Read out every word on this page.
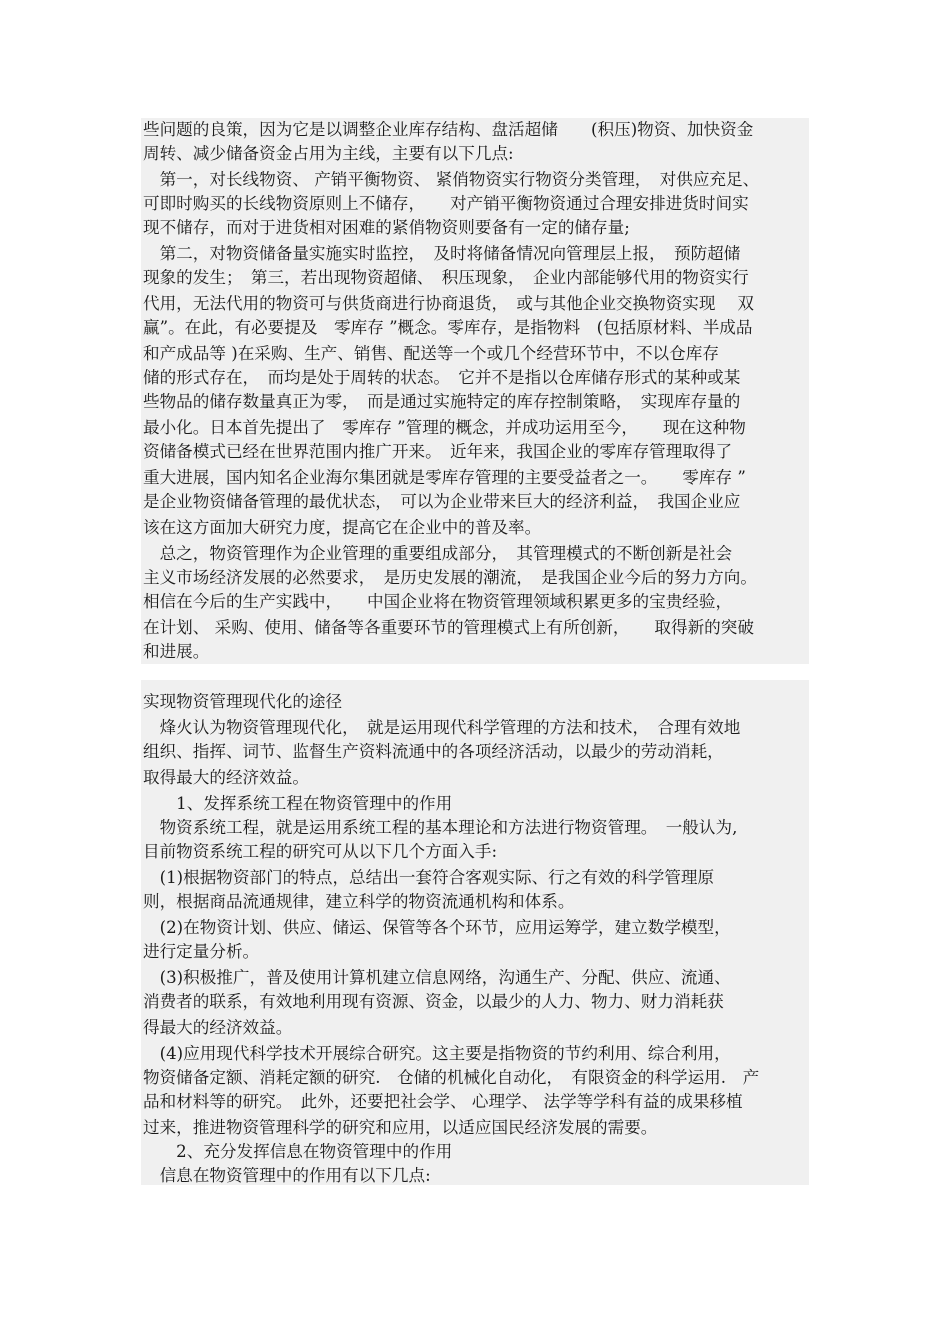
些问题的良策，因为它是以调整企业库存结构、盘活超储　　(积压)物资、加快资金
周转、减少储备资金占用为主线，主要有以下几点:
　第一，对长线物资、 产销平衡物资、 紧俏物资实行物资分类管理，　对供应充足、
可即时购买的长线物资原则上不储存，　　对产销平衡物资通过合理安排进货时间实
现不储存，而对于进货相对困难的紧俏物资则要备有一定的储存量;
　第二，对物资储备量实施实时监控，　及时将储备情况向管理层上报，　预防超储
现象的发生；　第三，若出现物资超储、　积压现象，　企业内部能够代用的物资实行
代用，无法代用的物资可与供货商进行协商退货，　或与其他企业交换物资实现　 双
赢”。在此，有必要提及　零库存 ”概念。零库存，是指物料　(包括原材料、半成品
和产成品等 )在采购、生产、销售、配送等一个或几个经营环节中，不以仓库存
储的形式存在，　而均是处于周转的状态。　它并不是指以仓库储存形式的某种或某
些物品的储存数量真正为零，　而是通过实施特定的库存控制策略，　实现库存量的
最小化。日本首先提出了　零库存 ”管理的概念，并成功运用至今，　　现在这种物
资储备模式已经在世界范围内推广开来。　近年来，我国企业的零库存管理取得了
重大进展，国内知名企业海尔集团就是零库存管理的主要受益者之一。　　零库存 ”
是企业物资储备管理的最优状态，　可以为企业带来巨大的经济利益，　我国企业应
该在这方面加大研究力度，提高它在企业中的普及率。
　总之，物资管理作为企业管理的重要组成部分，　其管理模式的不断创新是社会
主义市场经济发展的必然要求，　是历史发展的潮流，　是我国企业今后的努力方向。
相信在今后的生产实践中，　　中国企业将在物资管理领域积累更多的宝贵经验，
在计划、 采购、使用、储备等各重要环节的管理模式上有所创新，　　取得新的突破
和进展。
实现物资管理现代化的途径
　烽火认为物资管理现代化，　就是运用现代科学管理的方法和技术，　合理有效地
组织、指挥、词节、监督生产资料流通中的各项经济活动，以最少的劳动消耗，
取得最大的经济效益。
　　1、发挥系统工程在物资管理中的作用
　物资系统工程，就是运用系统工程的基本理论和方法进行物资管理。　一般认为,
目前物资系统工程的研究可从以下几个方面入手:
　(1)根据物资部门的特点，总结出一套符合客观实际、行之有效的科学管理原
则，根据商品流通规律，建立科学的物资流通机构和体系。
　(2)在物资计划、供应、储运、保管等各个环节，应用运筹学，建立数学模型，
进行定量分析。
　(3)积极推广，普及使用计算机建立信息网络，沟通生产、分配、供应、流通、
消费者的联系，有效地利用现有资源、资金，以最少的人力、物力、财力消耗获
得最大的经济效益。
　(4)应用现代科学技术开展综合研究。这主要是指物资的节约利用、综合利用，
物资储备定额、消耗定额的研究.　仓储的机械化自动化，　有限资金的科学运用.　产
品和材料等的研究。　此外，还要把社会学、 心理学、 法学等学科有益的成果移植
过来，推进物资管理科学的研究和应用，以适应国民经济发展的需要。
　　2、充分发挥信息在物资管理中的作用
　信息在物资管理中的作用有以下几点:
